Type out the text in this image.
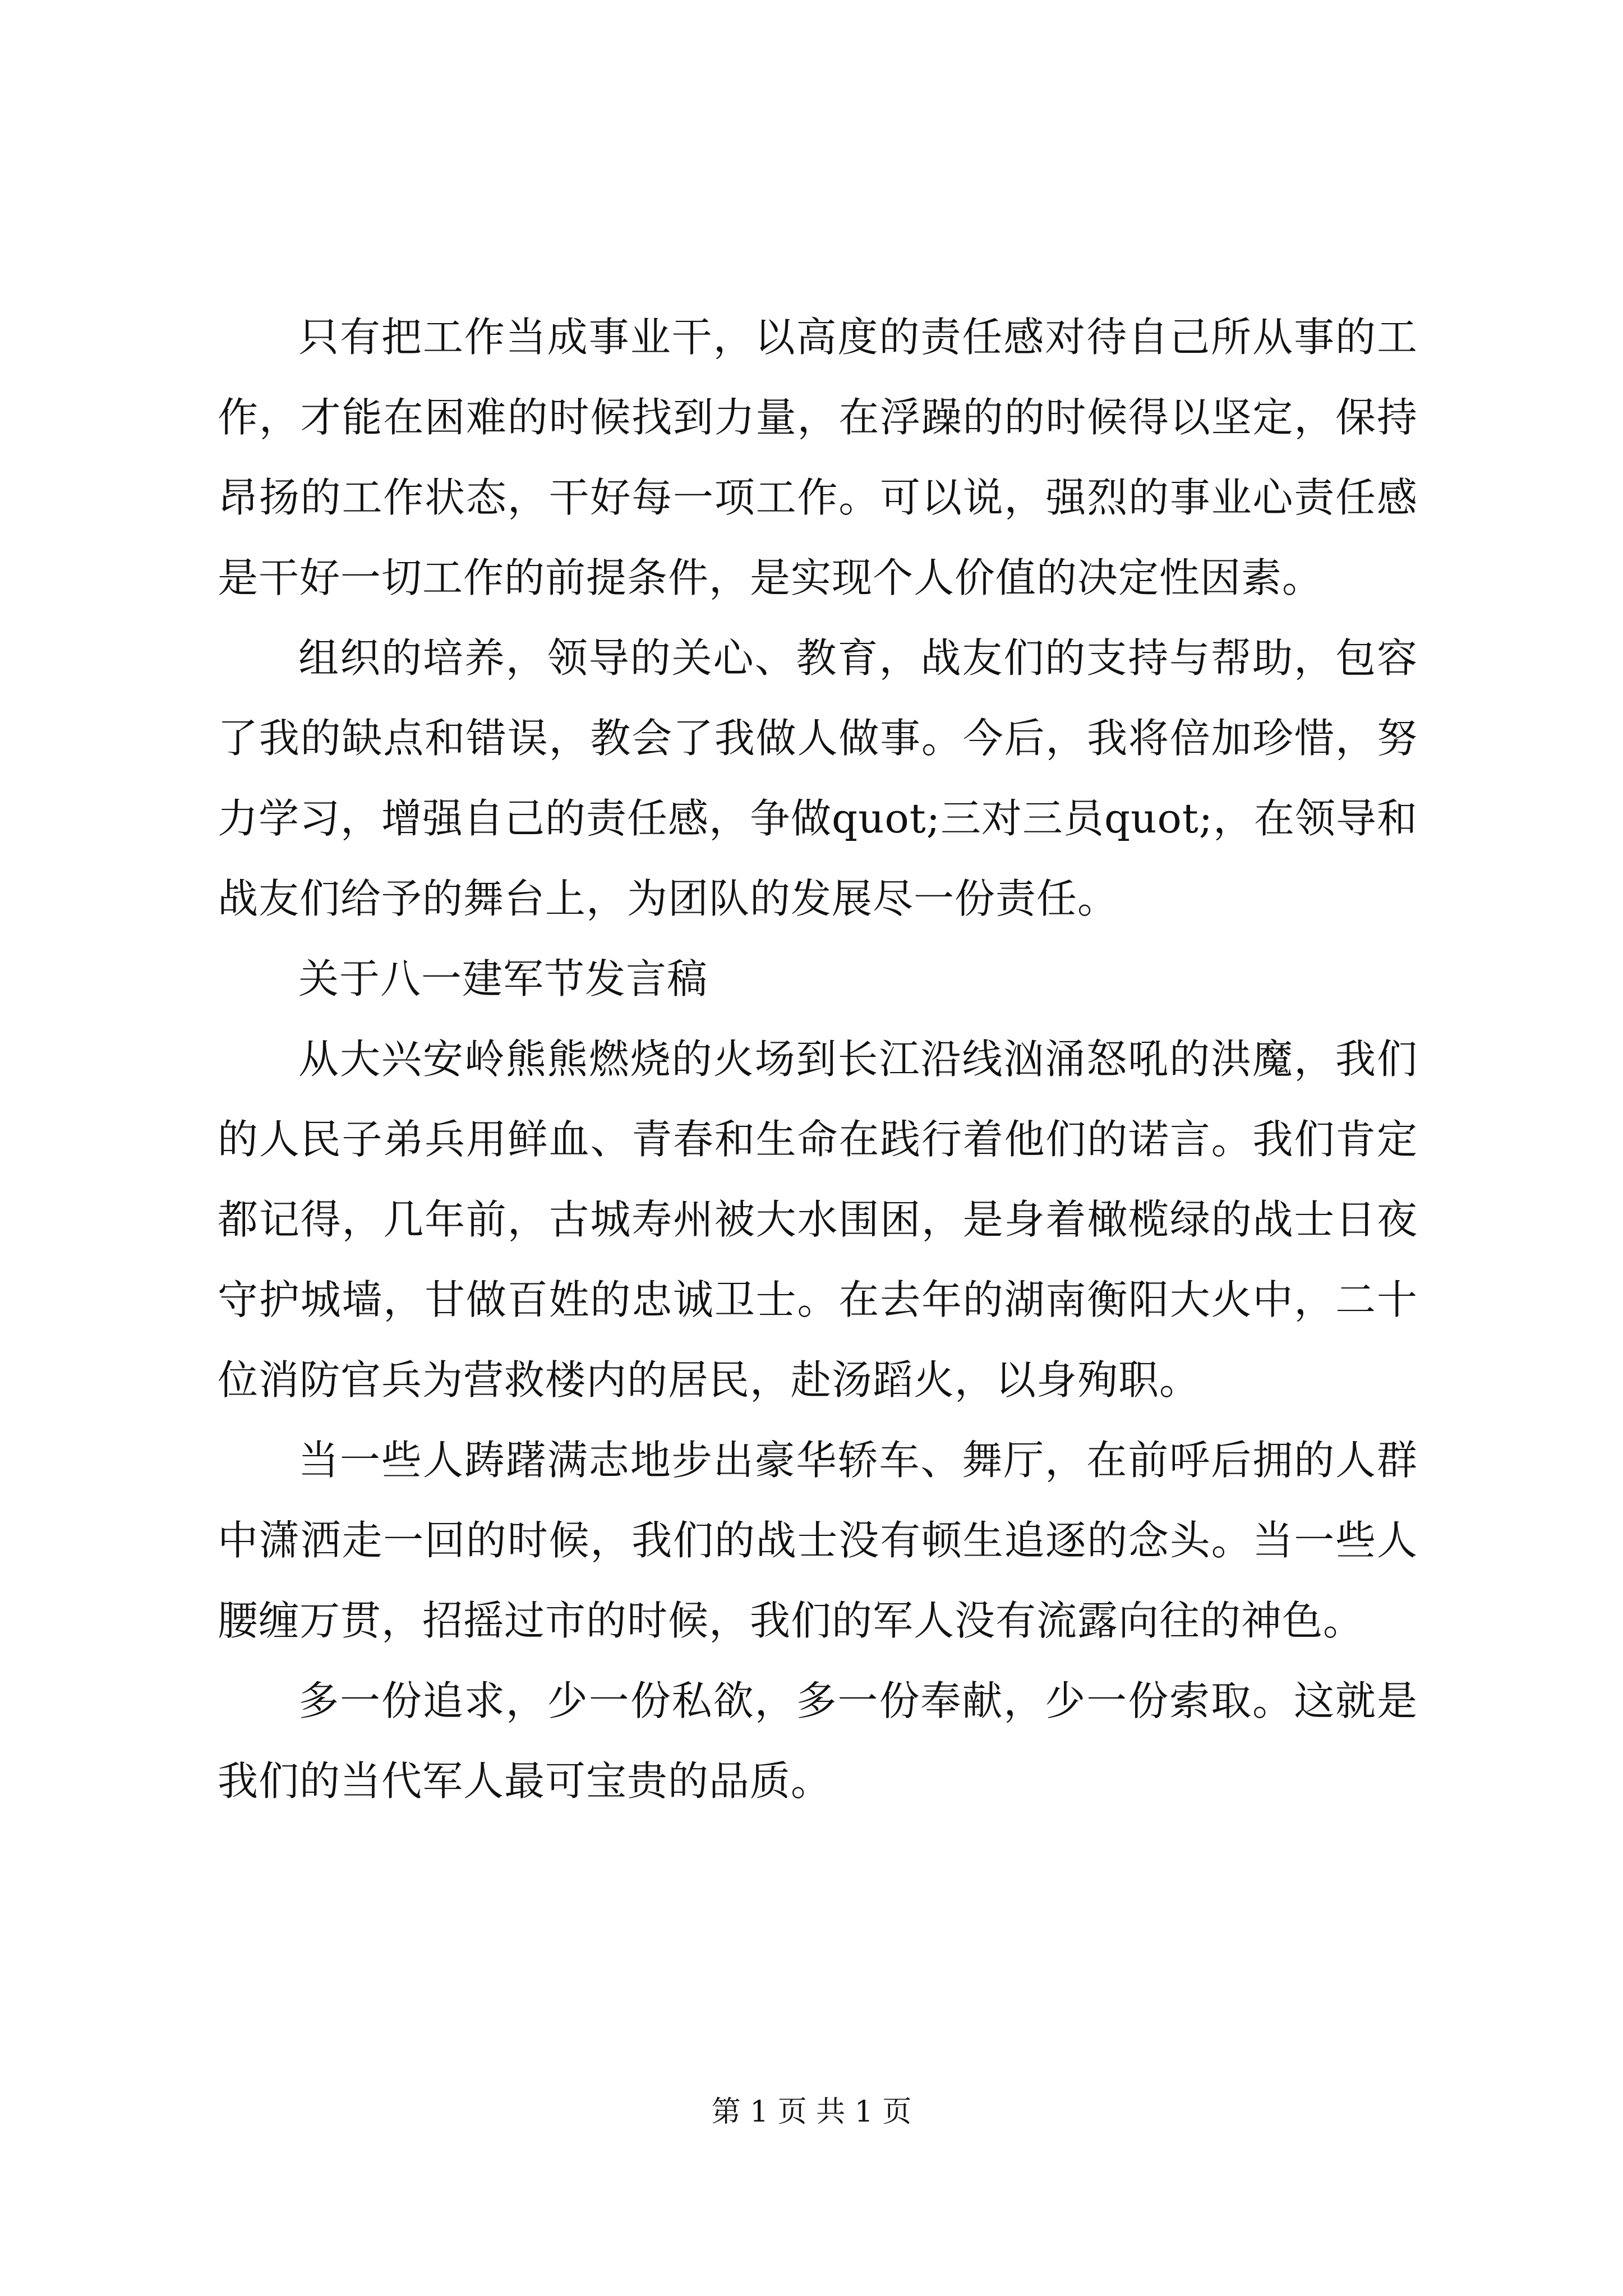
只有把工作当成事业干，以高度的责任感对待自己所从事的工作，才能在困难的时候找到力量，在浮躁的的时候得以坚定，保持昂扬的工作状态，干好每一项工作。可以说，强烈的事业心责任感是干好一切工作的前提条件，是实现个人价值的决定性因素。

组织的培养，领导的关心、教育，战友们的支持与帮助，包容了我的缺点和错误，教会了我做人做事。今后，我将倍加珍惜，努力学习，增强自己的责任感，争做quot;三对三员quot;，在领导和战友们给予的舞台上，为团队的发展尽一份责任。

关于八一建军节发言稿

从大兴安岭熊熊燃烧的火场到长江沿线汹涌怒吼的洪魔，我们的人民子弟兵用鲜血、青春和生命在践行着他们的诺言。我们肯定都记得，几年前，古城寿州被大水围困，是身着橄榄绿的战士日夜守护城墙，甘做百姓的忠诚卫士。在去年的湖南衡阳大火中，二十位消防官兵为营救楼内的居民，赴汤蹈火，以身殉职。

当一些人踌躇满志地步出豪华轿车、舞厅，在前呼后拥的人群中潇洒走一回的时候，我们的战士没有顿生追逐的念头。当一些人腰缠万贯，招摇过市的时候，我们的军人没有流露向往的神色。

多一份追求，少一份私欲，多一份奉献，少一份索取。这就是我们的当代军人最可宝贵的品质。

第 1 页 共 1 页
